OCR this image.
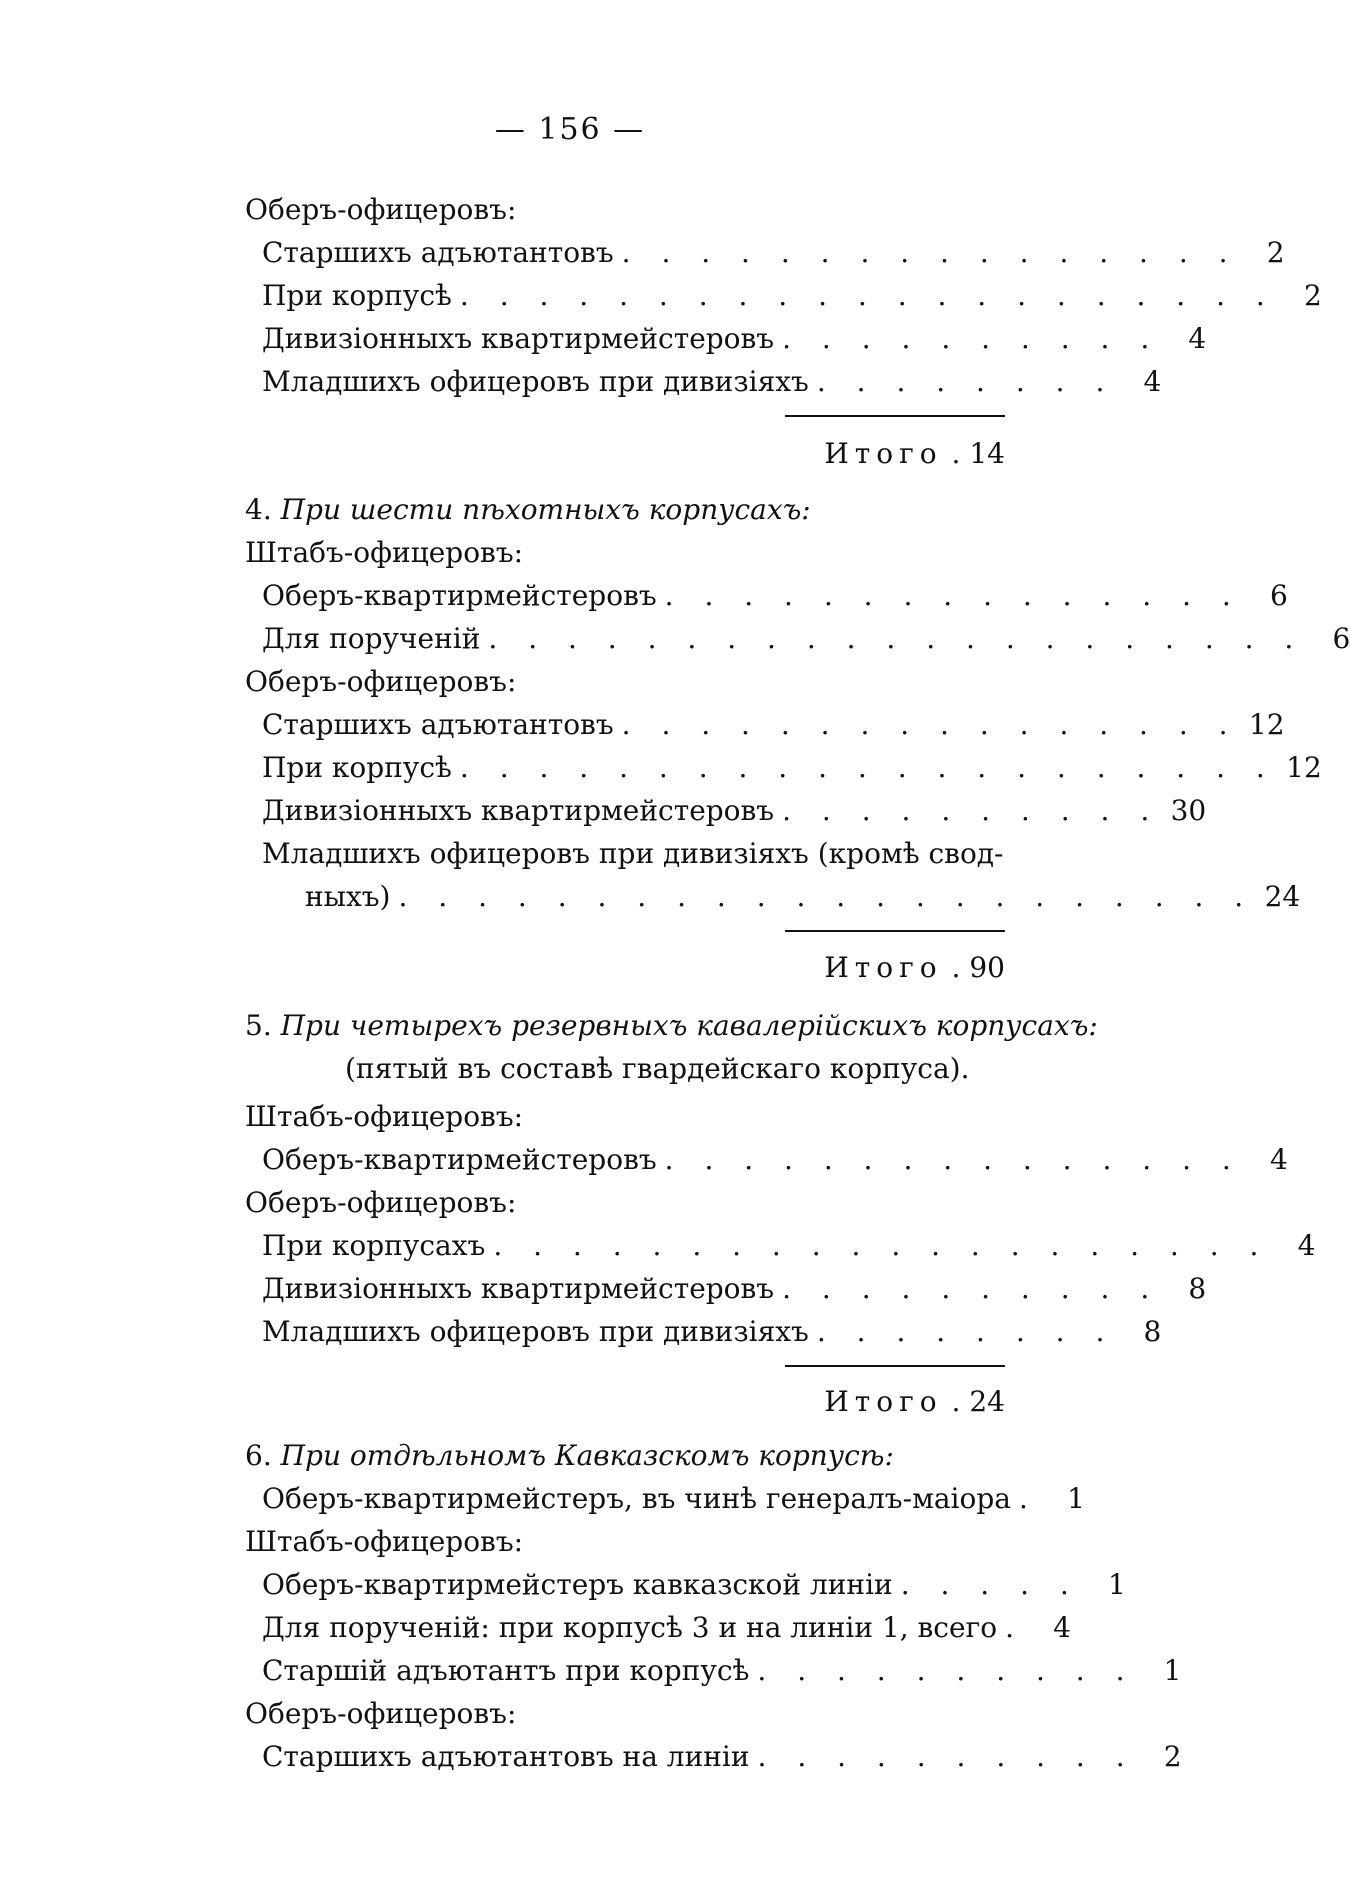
— 156 —
Оберъ-офицеровъ:
Старшихъ адъютантовъ . . . . . . . . . . . . . . . .	2
При корпусѣ . . . . . . . . . . . . . . . . . . . . .	2
Дивизіонныхъ квартирмейстеровъ . . . . . . . . . .	4
Младшихъ офицеровъ при дивизіяхъ . . . . . . . .	4
Итого . 14
4. При шести пѣхотныхъ корпусахъ:
Штабъ-офицеровъ:
Оберъ-квартирмейстеровъ . . . . . . . . . . . . . . .	6
Для порученій . . . . . . . . . . . . . . . . . . . . .	6
Оберъ-офицеровъ:
Старшихъ адъютантовъ . . . . . . . . . . . . . . . . 12
При корпусѣ . . . . . . . . . . . . . . . . . . . . . 12
Дивизіонныхъ квартирмейстеровъ . . . . . . . . . . 30
Младшихъ офицеровъ при дивизіяхъ (кромѣ свод-
ныхъ) . . . . . . . . . . . . . . . . . . . . . . 24
Итого . 90
5. При четырехъ резервныхъ кавалерійскихъ корпусахъ:
(пятый въ составѣ гвардейскаго корпуса).
Штабъ-офицеровъ:
Оберъ-квартирмейстеровъ . . . . . . . . . . . . . . .	4
Оберъ-офицеровъ:
При корпусахъ . . . . . . . . . . . . . . . . . . . .	4
Дивизіонныхъ квартирмейстеровъ . . . . . . . . . .	8
Младшихъ офицеровъ при дивизіяхъ . . . . . . . .	8
Итого . 24
6. При отдѣльномъ Кавказскомъ корпусѣ:
Оберъ-квартирмейстеръ, въ чинѣ генералъ-маіора .	1
Штабъ-офицеровъ:
Оберъ-квартирмейстеръ кавказской линіи . . . . .	1
Для порученій: при корпусѣ 3 и на линіи 1, всего .	4
Старшій адъютантъ при корпусѣ . . . . . . . . . .	1
Оберъ-офицеровъ:
Старшихъ адъютантовъ на линіи . . . . . . . . . .	2
